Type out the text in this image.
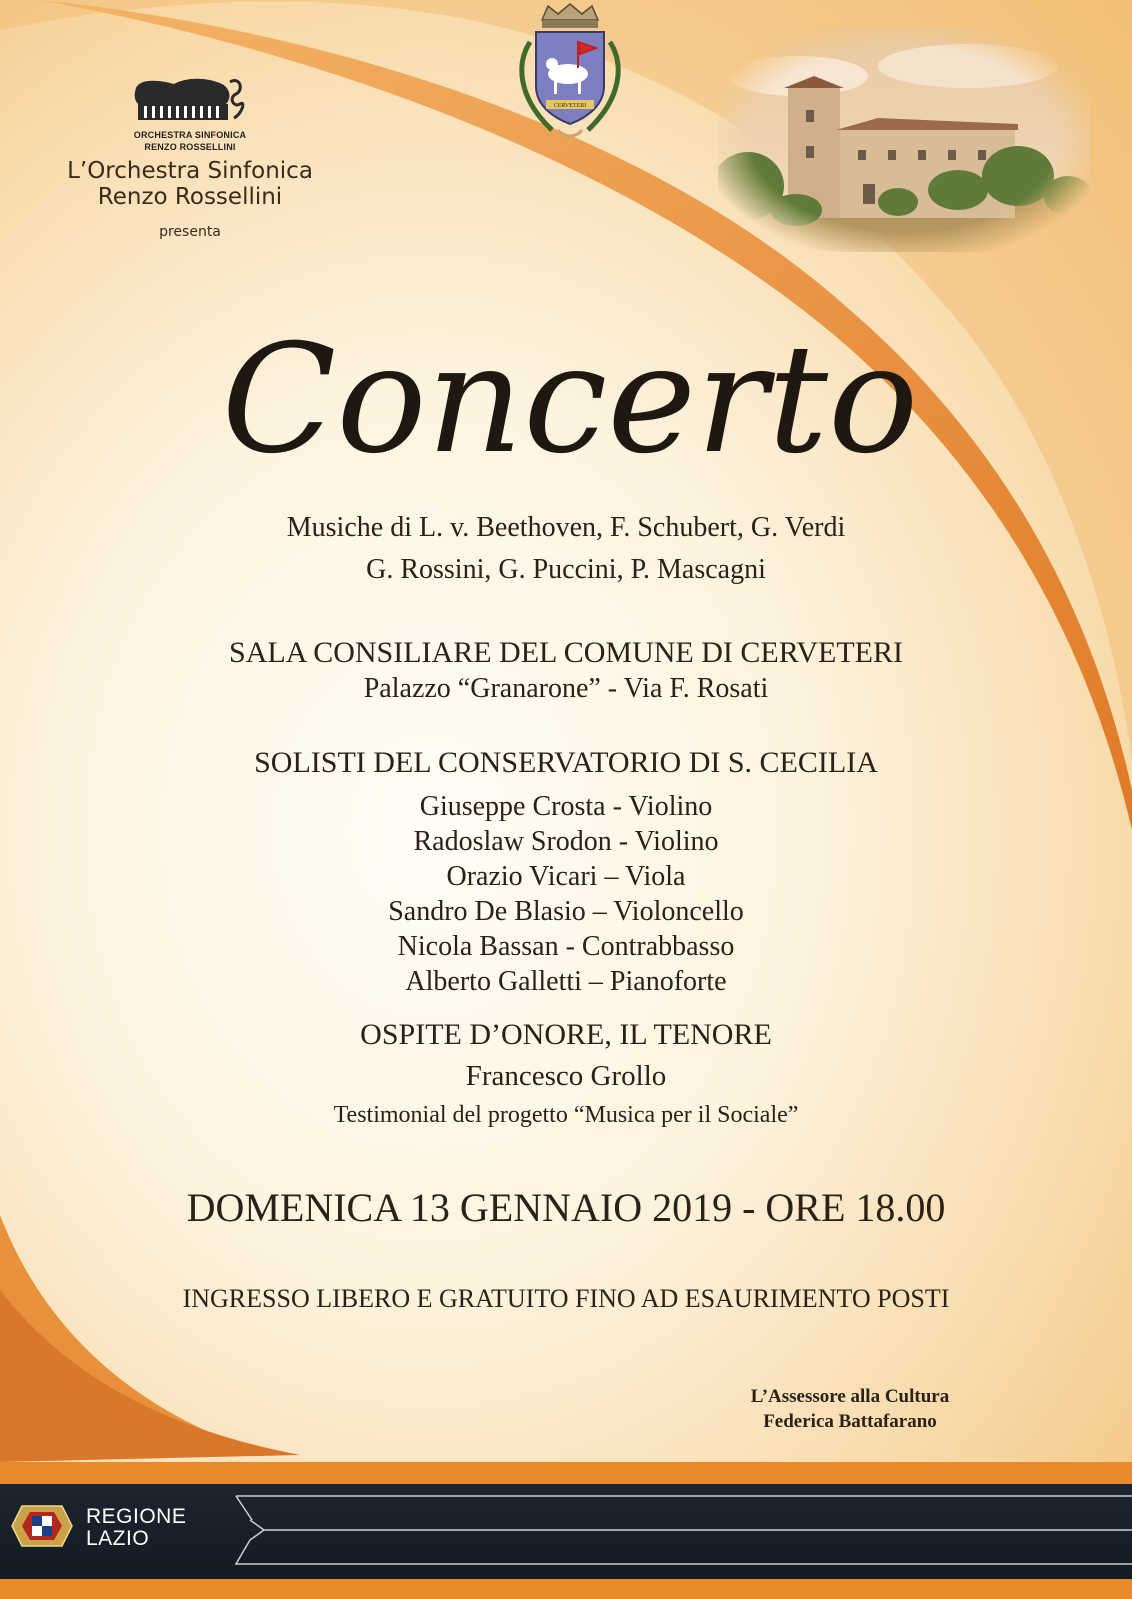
ORCHESTRA SINFONICA
RENZO ROSSELLINI
L’Orchestra Sinfonica
Renzo Rossellini
presenta
CERVETERI
Concerto
Musiche di L. v. Beethoven, F. Schubert, G. Verdi
G. Rossini, G. Puccini, P. Mascagni
SALA CONSILIARE DEL COMUNE DI CERVETERI
Palazzo “Granarone” - Via F. Rosati
SOLISTI DEL CONSERVATORIO DI S. CECILIA
Giuseppe Crosta - Violino
Radoslaw Srodon - Violino
Orazio Vicari – Viola
Sandro De Blasio – Violoncello
Nicola Bassan - Contrabbasso
Alberto Galletti – Pianoforte
OSPITE D’ONORE, IL TENORE
Francesco Grollo
Testimonial del progetto “Musica per il Sociale”
DOMENICA 13 GENNAIO 2019 - ORE 18.00
INGRESSO LIBERO E GRATUITO FINO AD ESAURIMENTO POSTI
L’Assessore alla Cultura
Federica Battafarano
REGIONE
LAZIO
